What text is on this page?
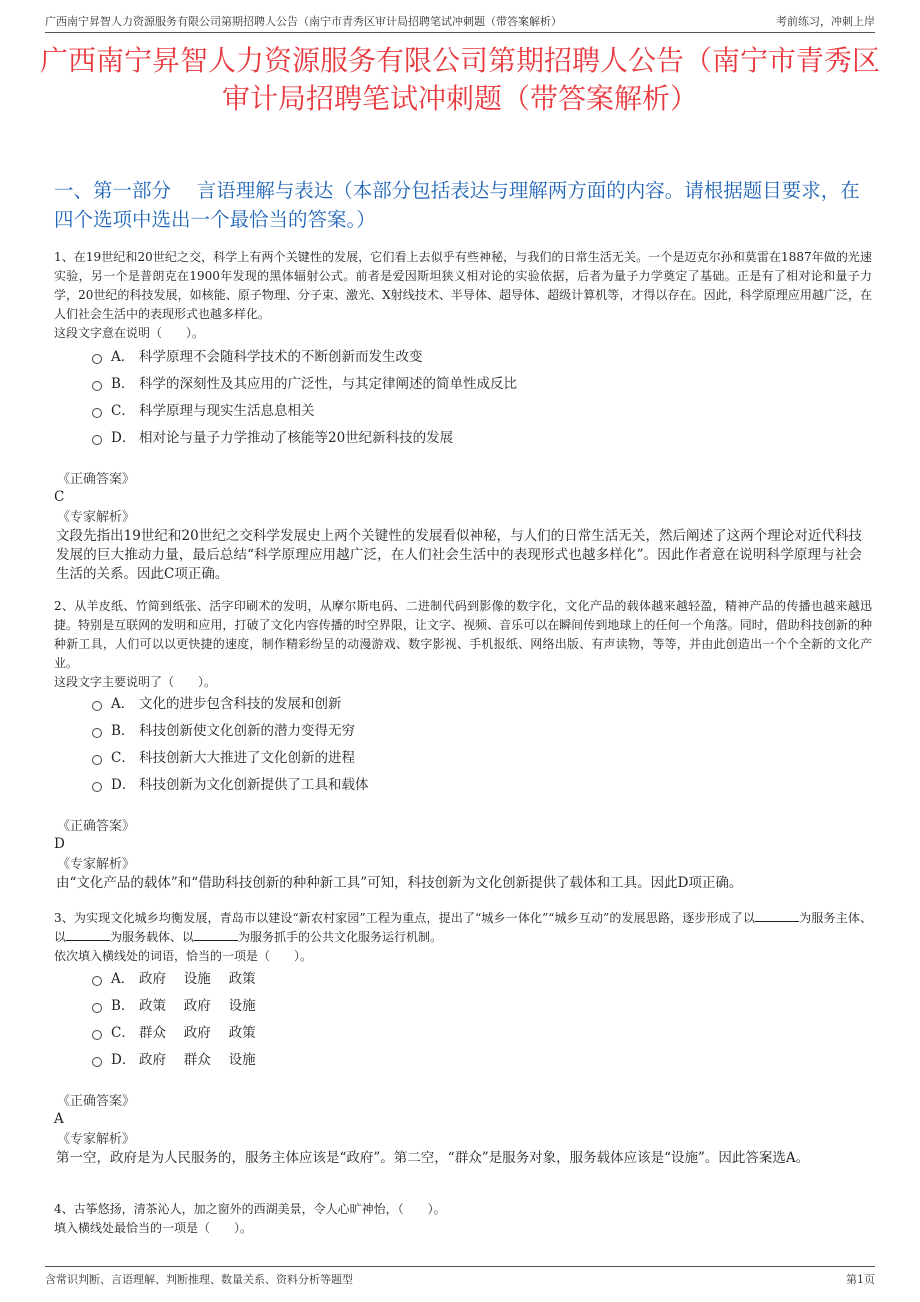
广西南宁昇智人力资源服务有限公司第期招聘人公告（南宁市青秀区审计局招聘笔试冲刺题（带答案解析）	考前练习，冲刺上岸
广西南宁昇智人力资源服务有限公司第期招聘人公告（南宁市青秀区审计局招聘笔试冲刺题（带答案解析）
一、第一部分　 言语理解与表达（本部分包括表达与理解两方面的内容。请根据题目要求，在四个选项中选出一个最恰当的答案。）
1、在19世纪和20世纪之交，科学上有两个关键性的发展，它们看上去似乎有些神秘，与我们的日常生活无关。一个是迈克尔孙和莫雷在1887年做的光速实验，另一个是普朗克在1900年发现的黑体辐射公式。前者是爱因斯坦狭义相对论的实验依据，后者为量子力学奠定了基础。正是有了相对论和量子力学，20世纪的科技发展，如核能、原子物理、分子束、激光、X射线技术、半导体、超导体、超级计算机等，才得以存在。因此，科学原理应用越广泛，在人们社会生活中的表现形式也越多样化。
这段文字意在说明（　　）。
A． 科学原理不会随科学技术的不断创新而发生改变
B． 科学的深刻性及其应用的广泛性，与其定律阐述的简单性成反比
C． 科学原理与现实生活息息相关
D． 相对论与量子力学推动了核能等20世纪新科技的发展
《正确答案》
C
《专家解析》
文段先指出19世纪和20世纪之交科学发展史上两个关键性的发展看似神秘，与人们的日常生活无关，然后阐述了这两个理论对近代科技发展的巨大推动力量，最后总结“科学原理应用越广泛，在人们社会生活中的表现形式也越多样化”。因此作者意在说明科学原理与社会生活的关系。因此C项正确。
2、从羊皮纸、竹简到纸张、活字印刷术的发明，从摩尔斯电码、二进制代码到影像的数字化，文化产品的载体越来越轻盈，精神产品的传播也越来越迅捷。特别是互联网的发明和应用，打破了文化内容传播的时空界限，让文字、视频、音乐可以在瞬间传到地球上的任何一个角落。同时，借助科技创新的种种新工具，人们可以以更快捷的速度，制作精彩纷呈的动漫游戏、数字影视、手机报纸、网络出版、有声读物，等等，并由此创造出一个个全新的文化产业。
这段文字主要说明了（　　）。
A． 文化的进步包含科技的发展和创新
B． 科技创新使文化创新的潜力变得无穷
C． 科技创新大大推进了文化创新的进程
D． 科技创新为文化创新提供了工具和载体
《正确答案》
D
《专家解析》
由“文化产品的载体”和“借助科技创新的种种新工具”可知，科技创新为文化创新提供了载体和工具。因此D项正确。
3、为实现文化城乡均衡发展，青岛市以建设“新农村家园”工程为重点，提出了“城乡一体化”“城乡互动”的发展思路，逐步形成了以	为服务主体、以	为服务载体、以	为服务抓手的公共文化服务运行机制。
依次填入横线处的词语，恰当的一项是（　　）。
A． 政府　 设施　 政策
B． 政策　 政府　 设施
C． 群众　 政府　 政策
D． 政府　 群众　 设施
《正确答案》
A
《专家解析》
第一空，政府是为人民服务的，服务主体应该是“政府”。第二空，“群众”是服务对象，服务载体应该是“设施”。因此答案选A。
4、古筝悠扬，清茶沁人，加之窗外的西湖美景，令人心旷神怡，（　　）。
填入横线处最恰当的一项是（　　）。
含常识判断、言语理解、判断推理、数量关系、资料分析等题型	第1页
